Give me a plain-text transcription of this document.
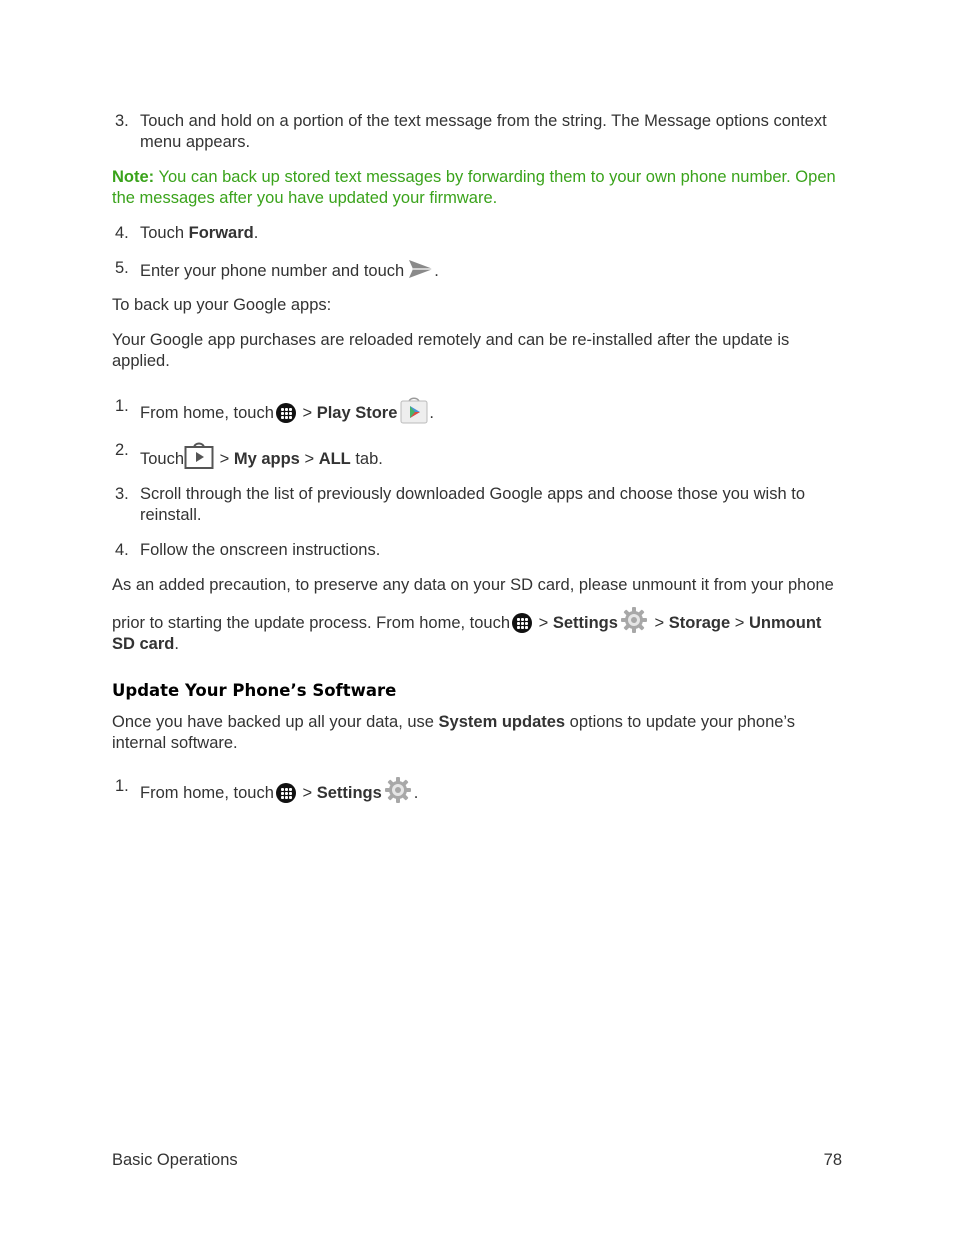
3. Touch and hold on a portion of the text message from the string. The Message options context menu appears.

Note: You can back up stored text messages by forwarding them to your own phone number. Open the messages after you have updated your firmware.

4. Touch Forward.

5. Enter your phone number and touch .

To back up your Google apps:

Your Google app purchases are reloaded remotely and can be re-installed after the update is applied.

1. From home, touch
> Play Store .

2. Touch > My apps > ALL tab.

3. Scroll through the list of previously downloaded Google apps and choose those you wish to reinstall.

4. Follow the onscreen instructions.

As an added precaution, to preserve any data on your SD card, please unmount it from your phone

prior to starting the update process. From home, touch
> Settings > Storage > Unmount SD card.

Update Your Phone’s Software

Once you have backed up all your data, use System updates options to update your phone’s internal software.

1. From home, touch
> Settings .

Basic Operations	78
